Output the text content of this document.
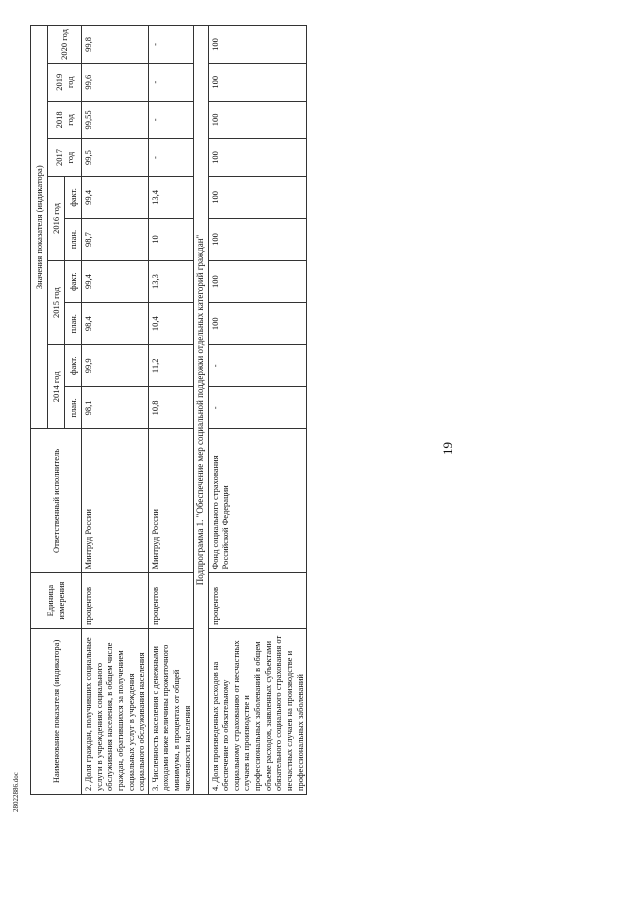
19
Наименование показателя (индикатора)	Единица измерения	Ответственный исполнитель	Значения показателя (индикатора)									
			2014 год		2015 год		2016 год		2017 год	2018 год	2019 год	2020 год
			план.	факт.	план.	факт.	план.	факт.				
2. Доля граждан, получивших социальные услуги в учреждениях социального обслуживания населения, в общем числе граждан, обратившихся за получением социальных услуг в учреждения социального обслуживания населения	процентов	Минтруд России	98,1	99,9	98,4	99,4	98,7	99,4	99,5	99,55	99,6	99,8
3. Численность населения с денежными доходами ниже величины прожиточного минимума, в процентах от общей численности населения	процентов	Минтруд России	10,8	11,2	10,4	13,3	10	13,4	-	-	-	-
Подпрограмма 1. "Обеспечение мер социальной поддержки отдельных категорий граждан"												
4. Доля произведенных расходов на обеспечение по обязательному социальному страхованию от несчастных случаев на производстве и профессиональных заболеваний в общем объеме расходов, заявленных субъектами обязательного социального страхования от несчастных случаев на производстве и профессиональных заболеваний	процентов	Фонд социального страхования Российской Федерации	-	-	100	100	100	100	100	100	100	100
28022886.doc
